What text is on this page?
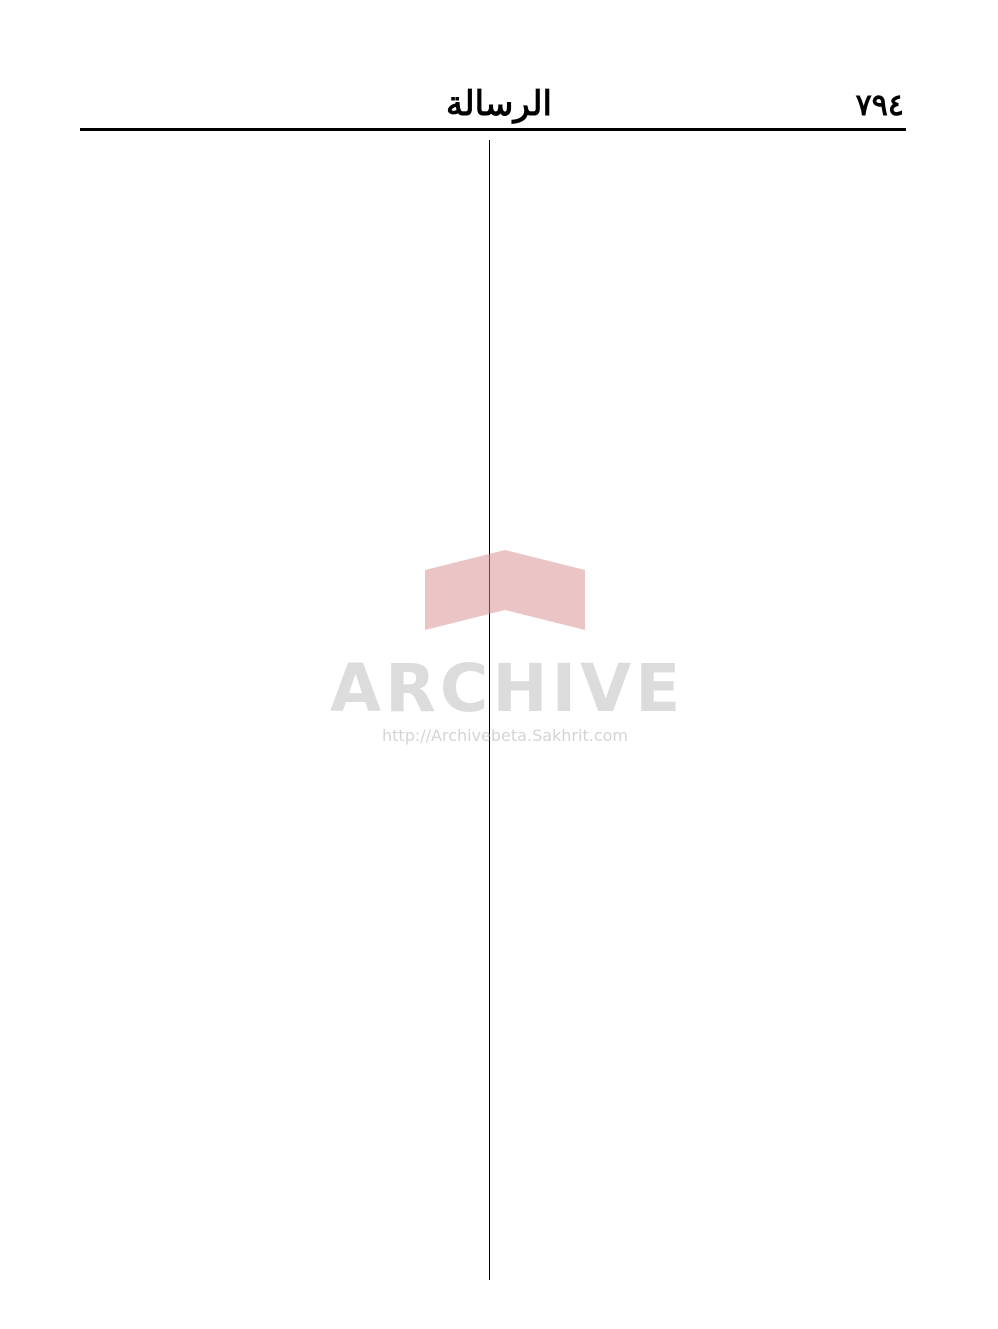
الرسالة	٧٩٤
ARCHIVE
http://Archivebeta.Sakhrit.com
